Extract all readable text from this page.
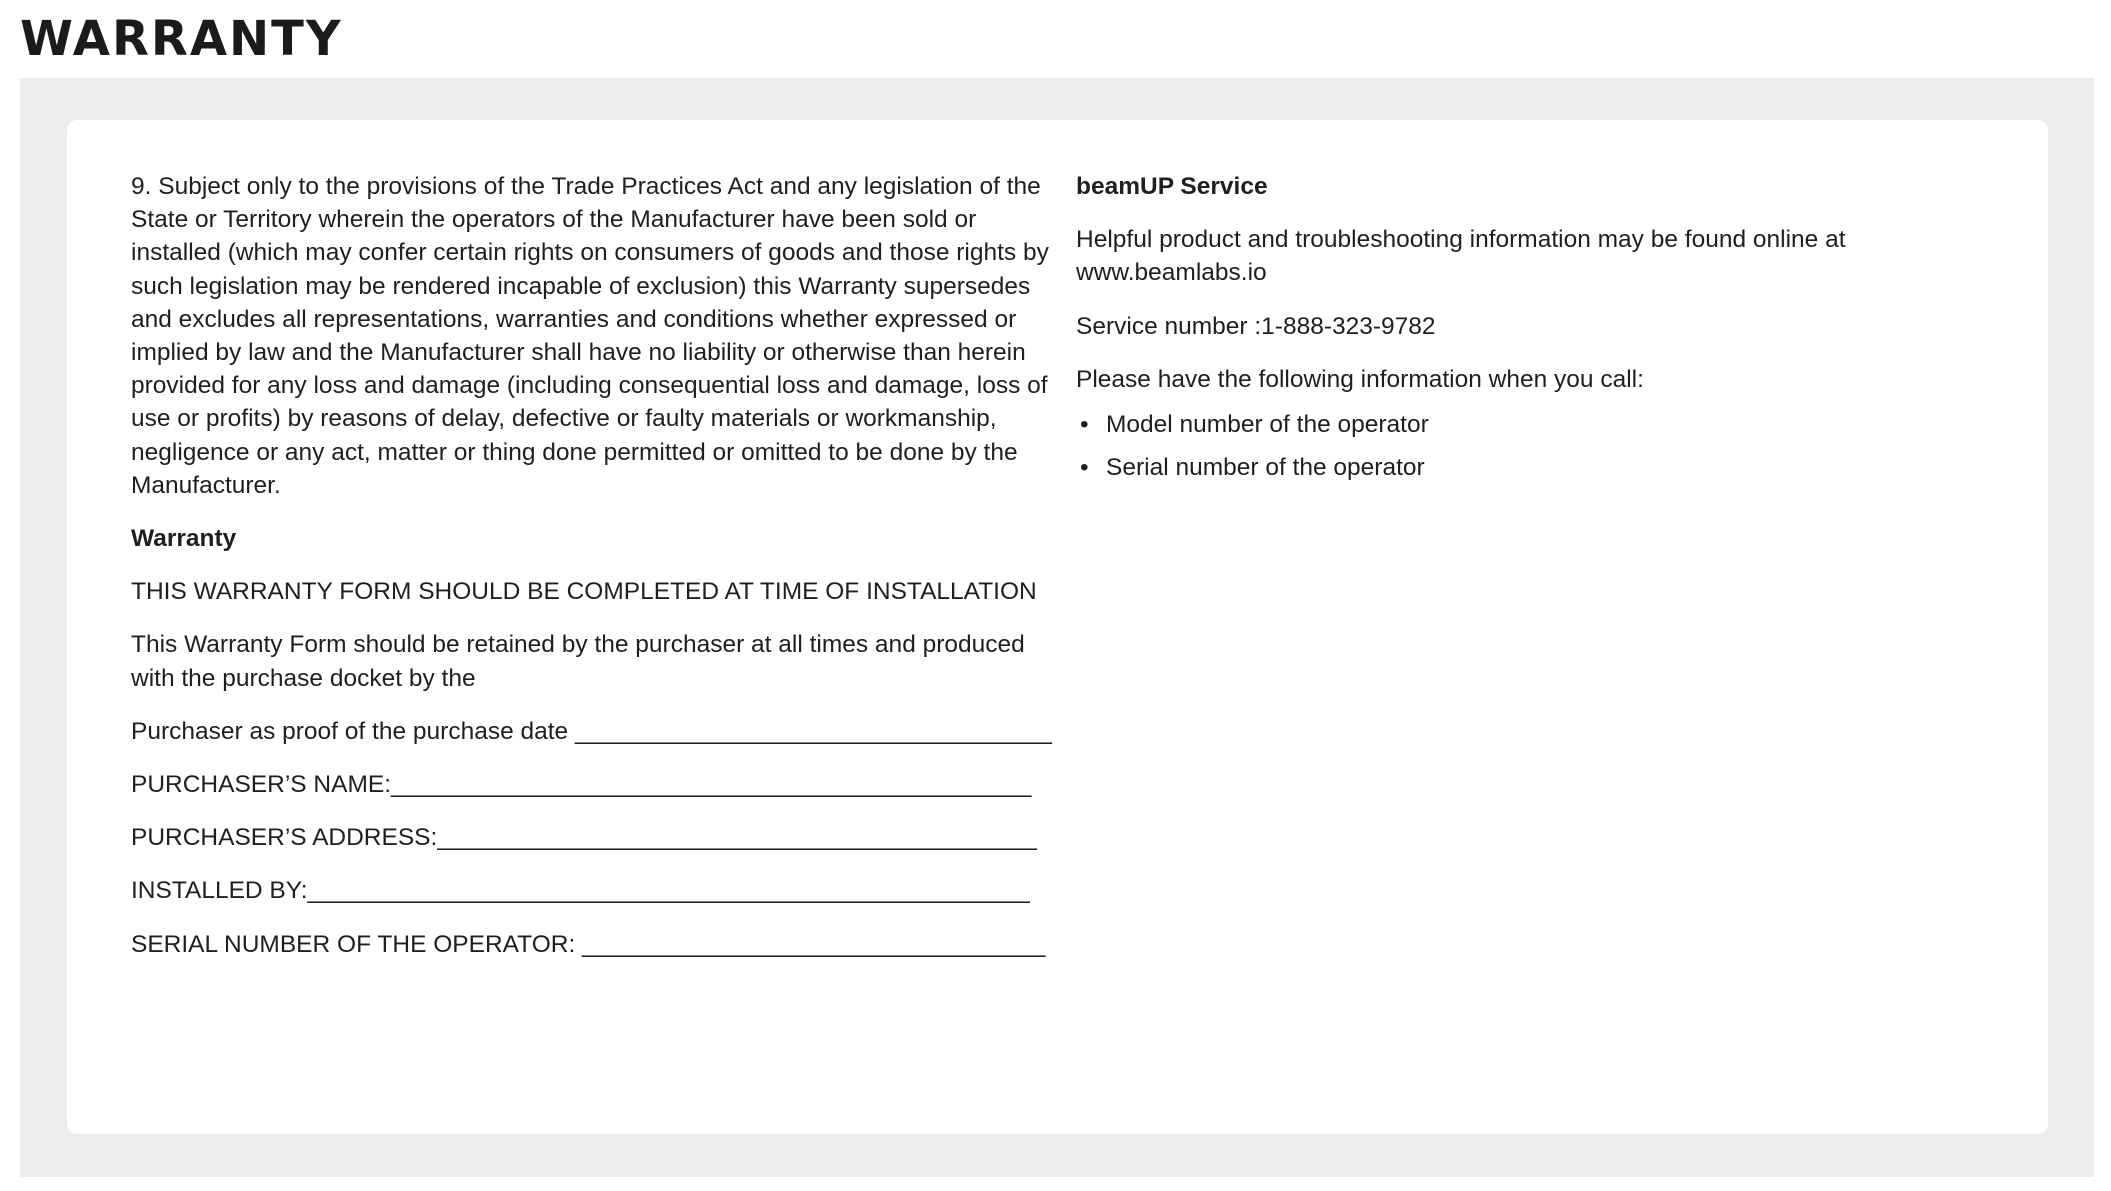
WARRANTY

9. Subject only to the provisions of the Trade Practices Act and any legislation of the State or Territory wherein the operators of the Manufacturer have been sold or installed (which may confer certain rights on consumers of goods and those rights by such legislation may be rendered incapable of exclusion) this Warranty supersedes and excludes all representations, warranties and conditions whether expressed or implied by law and the Manufacturer shall have no liability or otherwise than herein provided for any loss and damage (including consequential loss and damage, loss of use or profits) by reasons of delay, defective or faulty materials or workmanship, negligence or any act, matter or thing done permitted or omitted to be done by the Manufacturer.

Warranty

THIS WARRANTY FORM SHOULD BE COMPLETED AT TIME OF INSTALLATION

This Warranty Form should be retained by the purchaser at all times and produced with the purchase docket by the

Purchaser as proof of the purchase date ___________________________________

PURCHASER’S NAME:_______________________________________________

PURCHASER’S ADDRESS:____________________________________________

INSTALLED BY:_____________________________________________________

SERIAL NUMBER OF THE OPERATOR: __________________________________

beamUP Service

Helpful product and troubleshooting information may be found online at www.beamlabs.io

Service number :1-888-323-9782

Please have the following information when you call:

• Model number of the operator
• Serial number of the operator
